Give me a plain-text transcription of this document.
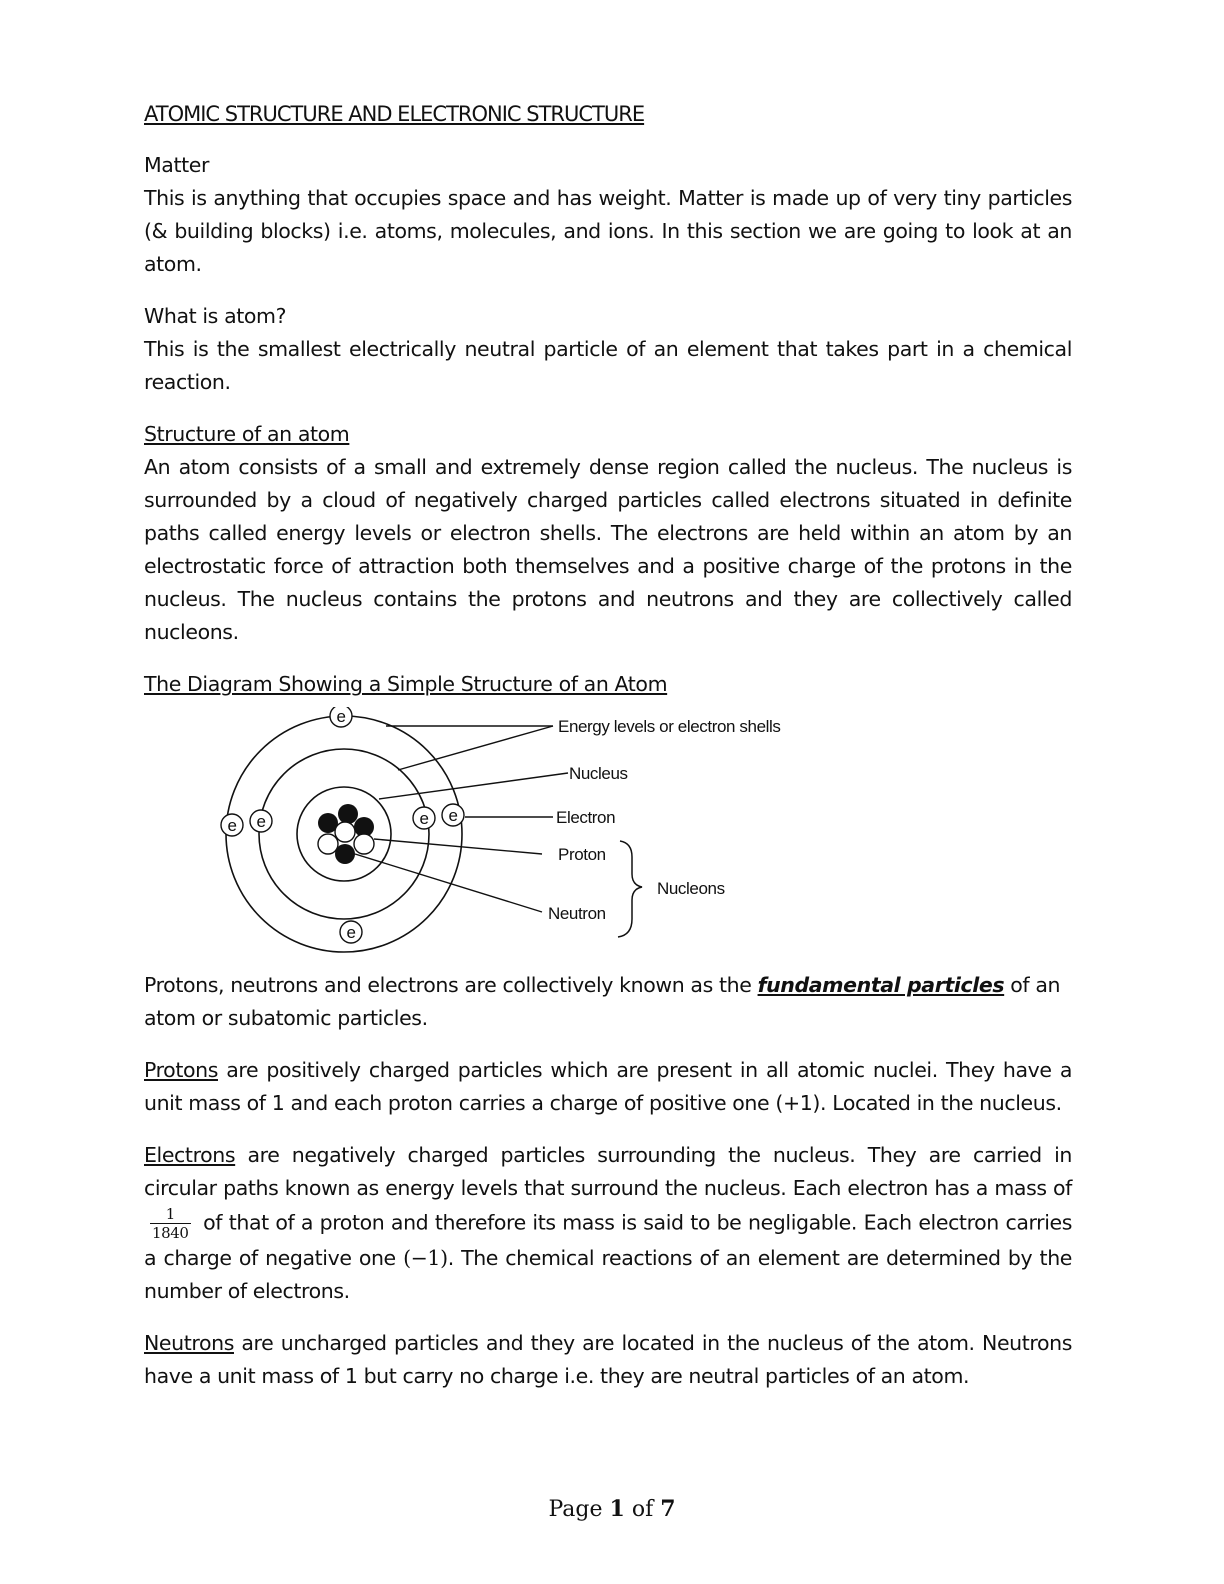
ATOMIC STRUCTURE AND ELECTRONIC STRUCTURE
Matter

This is anything that occupies space and has weight. Matter is made up of very tiny particles (& building blocks) i.e. atoms, molecules, and ions. In this section we are going to look at an atom.

What is atom?

This is the smallest electrically neutral particle of an element that takes part in a chemical reaction.

Structure of an atom

An atom consists of a small and extremely dense region called the nucleus. The nucleus is surrounded by a cloud of negatively charged particles called electrons situated in definite paths called energy levels or electron shells. The electrons are held within an atom by an electrostatic force of attraction both themselves and a positive charge of the protons in the nucleus. The nucleus contains the protons and neutrons and they are collectively called nucleons.

The Diagram Showing a Simple Structure of an Atom
e
e e	e e
e
Energy levels or electron shells
Nucleus
Electron
Proton
Neutron
Nucleons

Protons, neutrons and electrons are collectively known as the fundamental particles of an atom or subatomic particles.

Protons are positively charged particles which are present in all atomic nuclei. They have a unit mass of 1 and each proton carries a charge of positive one (+1). Located in the nucleus.

Electrons are negatively charged particles surrounding the nucleus. They are carried in circular paths known as energy levels that surround the nucleus. Each electron has a mass of
$\frac{1}{1840}$ of that of a proton and therefore its mass is said to be negligable. Each electron carries a charge of negative one (−1). The chemical reactions of an element are determined by the number of electrons.

Neutrons are uncharged particles and they are located in the nucleus of the atom. Neutrons have a unit mass of 1 but carry no charge i.e. they are neutral particles of an atom.

Page 1 of 7
